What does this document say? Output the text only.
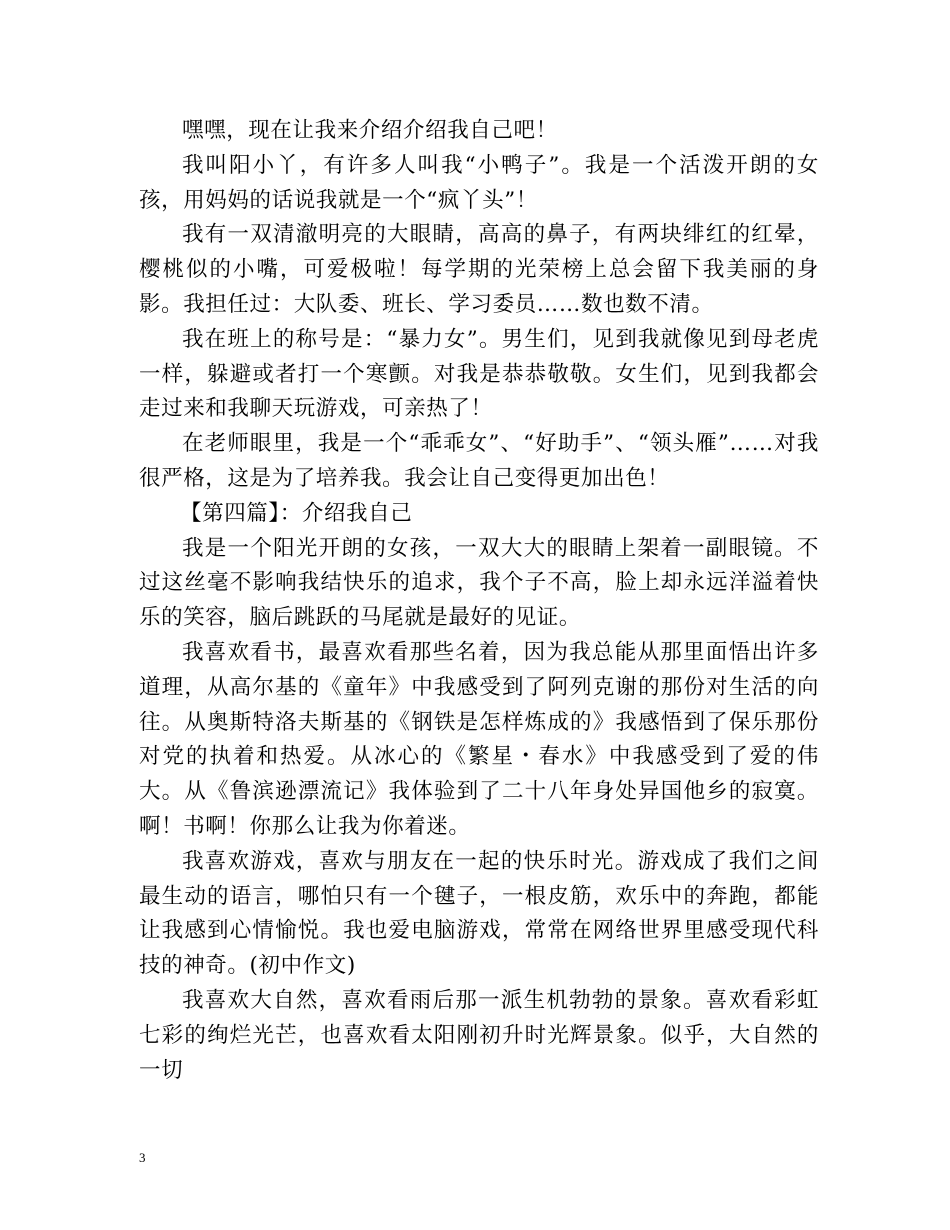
嘿嘿，现在让我来介绍介绍我自己吧！

我叫阳小丫，有许多人叫我“小鸭子”。我是一个活泼开朗的女孩，用妈妈的话说我就是一个“疯丫头”！

我有一双清澈明亮的大眼睛，高高的鼻子，有两块绯红的红晕，樱桃似的小嘴，可爱极啦！每学期的光荣榜上总会留下我美丽的身影。我担任过：大队委、班长、学习委员……数也数不清。

我在班上的称号是：“暴力女”。男生们，见到我就像见到母老虎一样，躲避或者打一个寒颤。对我是恭恭敬敬。女生们，见到我都会走过来和我聊天玩游戏，可亲热了！

在老师眼里，我是一个“乖乖女”、“好助手”、“领头雁”……对我很严格，这是为了培养我。我会让自己变得更加出色！

【第四篇】：介绍我自己

我是一个阳光开朗的女孩，一双大大的眼睛上架着一副眼镜。不过这丝毫不影响我结快乐的追求，我个子不高，脸上却永远洋溢着快乐的笑容，脑后跳跃的马尾就是最好的见证。

我喜欢看书，最喜欢看那些名着，因为我总能从那里面悟出许多道理，从高尔基的《童年》中我感受到了阿列克谢的那份对生活的向往。从奥斯特洛夫斯基的《钢铁是怎样炼成的》我感悟到了保乐那份对党的执着和热爱。从冰心的《繁星・春水》中我感受到了爱的伟大。从《鲁滨逊漂流记》我体验到了二十八年身处异国他乡的寂寞。啊！书啊！你那么让我为你着迷。

我喜欢游戏，喜欢与朋友在一起的快乐时光。游戏成了我们之间最生动的语言，哪怕只有一个毽子，一根皮筋，欢乐中的奔跑，都能让我感到心情愉悦。我也爱电脑游戏，常常在网络世界里感受现代科技的神奇。(初中作文)

我喜欢大自然，喜欢看雨后那一派生机勃勃的景象。喜欢看彩虹七彩的绚烂光芒，也喜欢看太阳刚初升时光辉景象。似乎，大自然的一切

3
